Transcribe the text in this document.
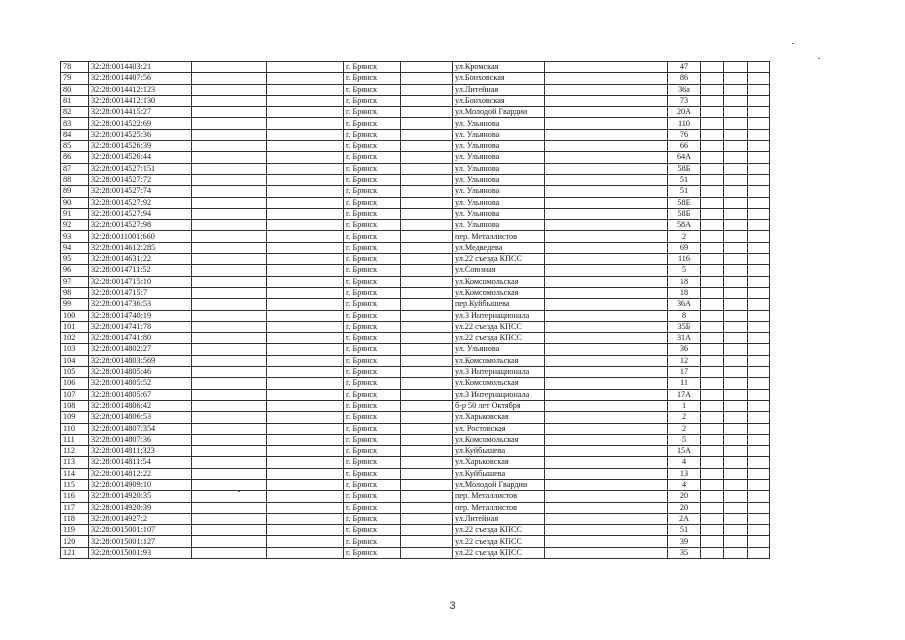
78	32:28:0014403:21			г. Брянск		ул.Кромская		47			
79	32:28:0014407:56			г. Брянск		ул.Бoнховская		86			
80	32:28:0014412:123			г. Брянск		ул.Литейная		36а			
81	32:28:0014412:130			г. Брянск		ул.Бoнховская		73			
82	32:28:0014415:27			г. Брянск		ул.Молодой Гвардии		20А			
83	32:28:0014522:69			г. Брянск		ул. Ульянова		110			
84	32:28:0014525:36			г. Брянск		ул. Ульянова		76			
85	32:28:0014526:39			г. Брянск		ул. Ульянова		66			
86	32:28:0014526:44			г. Брянск		ул. Ульянова		64А			
87	32:28:0014527:151			г. Брянск		ул. Ульянова		58Б			
88	32:28:0014527:72			г. Брянск		ул. Ульянова		51			
89	32:28:0014527:74			г. Брянск		ул. Ульянова		51			
90	32:28:0014527:92			г. Брянск		ул. Ульянова		58Е			
91	32:28:0014527:94			г. Брянск		ул. Ульянова		58Б			
92	32:28:0014527:98			г. Брянск		ул. Ульянова		58А			
93	32:28:0011001:660			г. Брянск		пер. Металлистов		2			
94	32:28:0014612:285			г. Брянск		ул.Медведева		69			
95	32:28:0014631:22			г. Брянск		ул.22 съезда КПСС		116			
96	32:28:0014711:52			г. Брянск		ул.Союзная		5			
97	32:28:0014715:10			г. Брянск		ул.Комсомольская		18			
98	32:28:0014715:7			г. Брянск		ул.Комсомольская		18			
99	32:28:0014736:53			г. Брянск		пер.Куйбышева		36А			
100	32:28:0014740:19			г. Брянск		ул.3 Интернационала		8			
101	32:28:0014741:78			г. Брянск		ул.22 съезда КПСС		35Б			
102	32:28:0014741:80			г. Брянск		ул.22 съезда КПСС		31А			
103	32:28:0014802:27			г. Брянск		ул. Ульянова		36			
104	32:28:0014803:569			г. Брянск		ул.Комсомольская		12			
105	32:28:0014805:46			г. Брянск		ул.3 Интернационала		17			
106	32:28:0014805:52			г. Брянск		ул.Комсомольская		11			
107	32:28:0014805:67			г. Брянск		ул.3 Интернационала		17А			
108	32:28:0014806:42			г. Брянск		б-р 50 лет Октября		1			
109	32:28:0014806:53			г. Брянск		ул.Харьковская		2			
110	32:28:0014807:354			г. Брянск		ул. Ростовская		2			
111	32:28:0014807:36			г. Брянск		ул.Комсомольская		5			
112	32:28:0014811:323			г. Брянск		ул.Куйбышева		15А			
113	32:28:0014811:54			г. Брянск		ул.Харьковская		4			
114	32:28:0014812:22			г. Брянск		ул.Куйбышева		13			
115	32:28:0014909:10			г. Брянск		ул.Молодой Гвардии		4			
116	32:28:0014920:35			г. Брянск		пер. Металлистов		20			
117	32:28:0014920:39			г. Брянск		пер. Металлистов		20			
118	32:28:0014927:2			г. Брянск		ул.Литейная		2А			
119	32:28:0015001:107			г. Брянск		ул.22 съезда КПСС		51			
120	32:28:0015001:127			г. Брянск		ул.22 съезда КПСС		39			
121	32:28:0015001:93			г. Брянск		ул.22 съезда КПСС		35			
3
